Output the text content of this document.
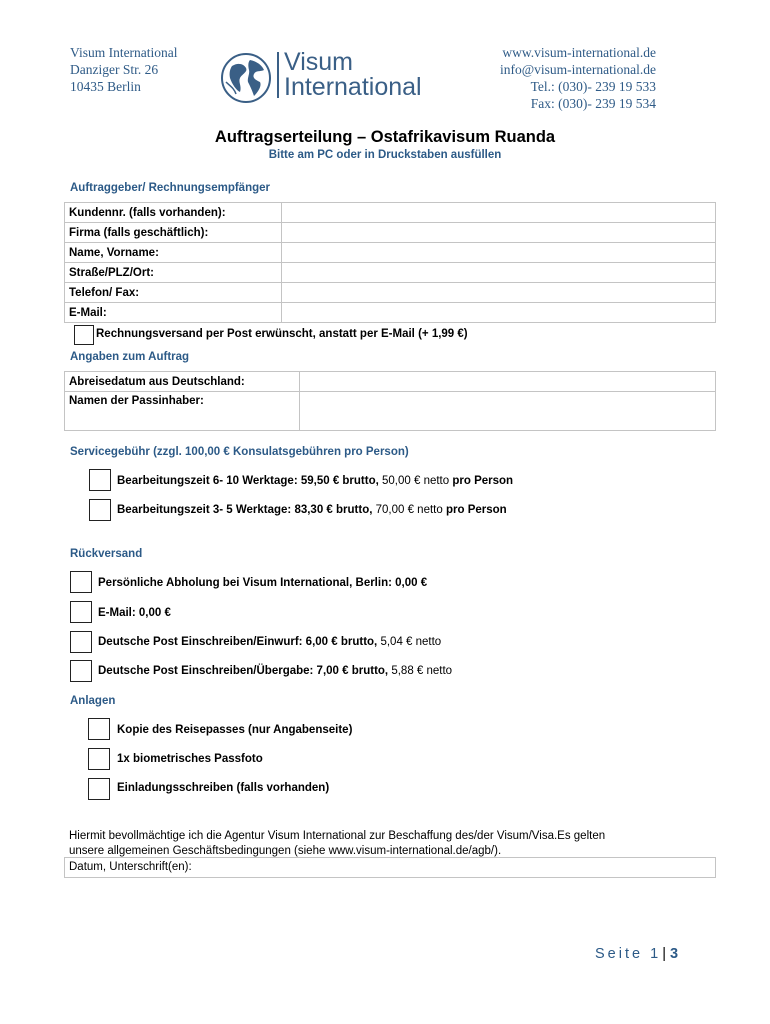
Visum International
Danziger Str. 26
10435 Berlin
Visum
International
www.visum-international.de
info@visum-international.de
Tel.: (030)- 239 19 533
Fax: (030)- 239 19 534
Auftragserteilung – Ostafrikavisum Ruanda
Bitte am PC oder in Druckstaben ausfüllen
Auftraggeber/ Rechnungsempfänger
Kundennr. (falls vorhanden):	
Firma (falls geschäftlich):	
Name, Vorname:	
Straße/PLZ/Ort:	
Telefon/ Fax:	
E-Mail:	
Rechnungsversand per Post erwünscht, anstatt per E-Mail (+ 1,99 €)
Angaben zum Auftrag
Abreisedatum aus Deutschland:	
Namen der Passinhaber:	
Servicegebühr (zzgl. 100,00 € Konsulatsgebühren pro Person)
Bearbeitungszeit 6- 10 Werktage: 59,50 € brutto, 50,00 € netto pro Person
Bearbeitungszeit 3- 5 Werktage: 83,30 € brutto, 70,00 € netto pro Person
Rückversand
Persönliche Abholung bei Visum International, Berlin: 0,00 €
E-Mail: 0,00 €
Deutsche Post Einschreiben/Einwurf: 6,00 € brutto, 5,04 € netto
Deutsche Post Einschreiben/Übergabe: 7,00 € brutto, 5,88 € netto
Anlagen
Kopie des Reisepasses (nur Angabenseite)
1x biometrisches Passfoto
Einladungsschreiben (falls vorhanden)
Hiermit bevollmächtige ich die Agentur Visum International zur Beschaffung des/der Visum/Visa.Es gelten
unsere allgemeinen Geschäftsbedingungen (siehe www.visum-international.de/agb/).
Datum, Unterschrift(en):
Seite 1 | 3
